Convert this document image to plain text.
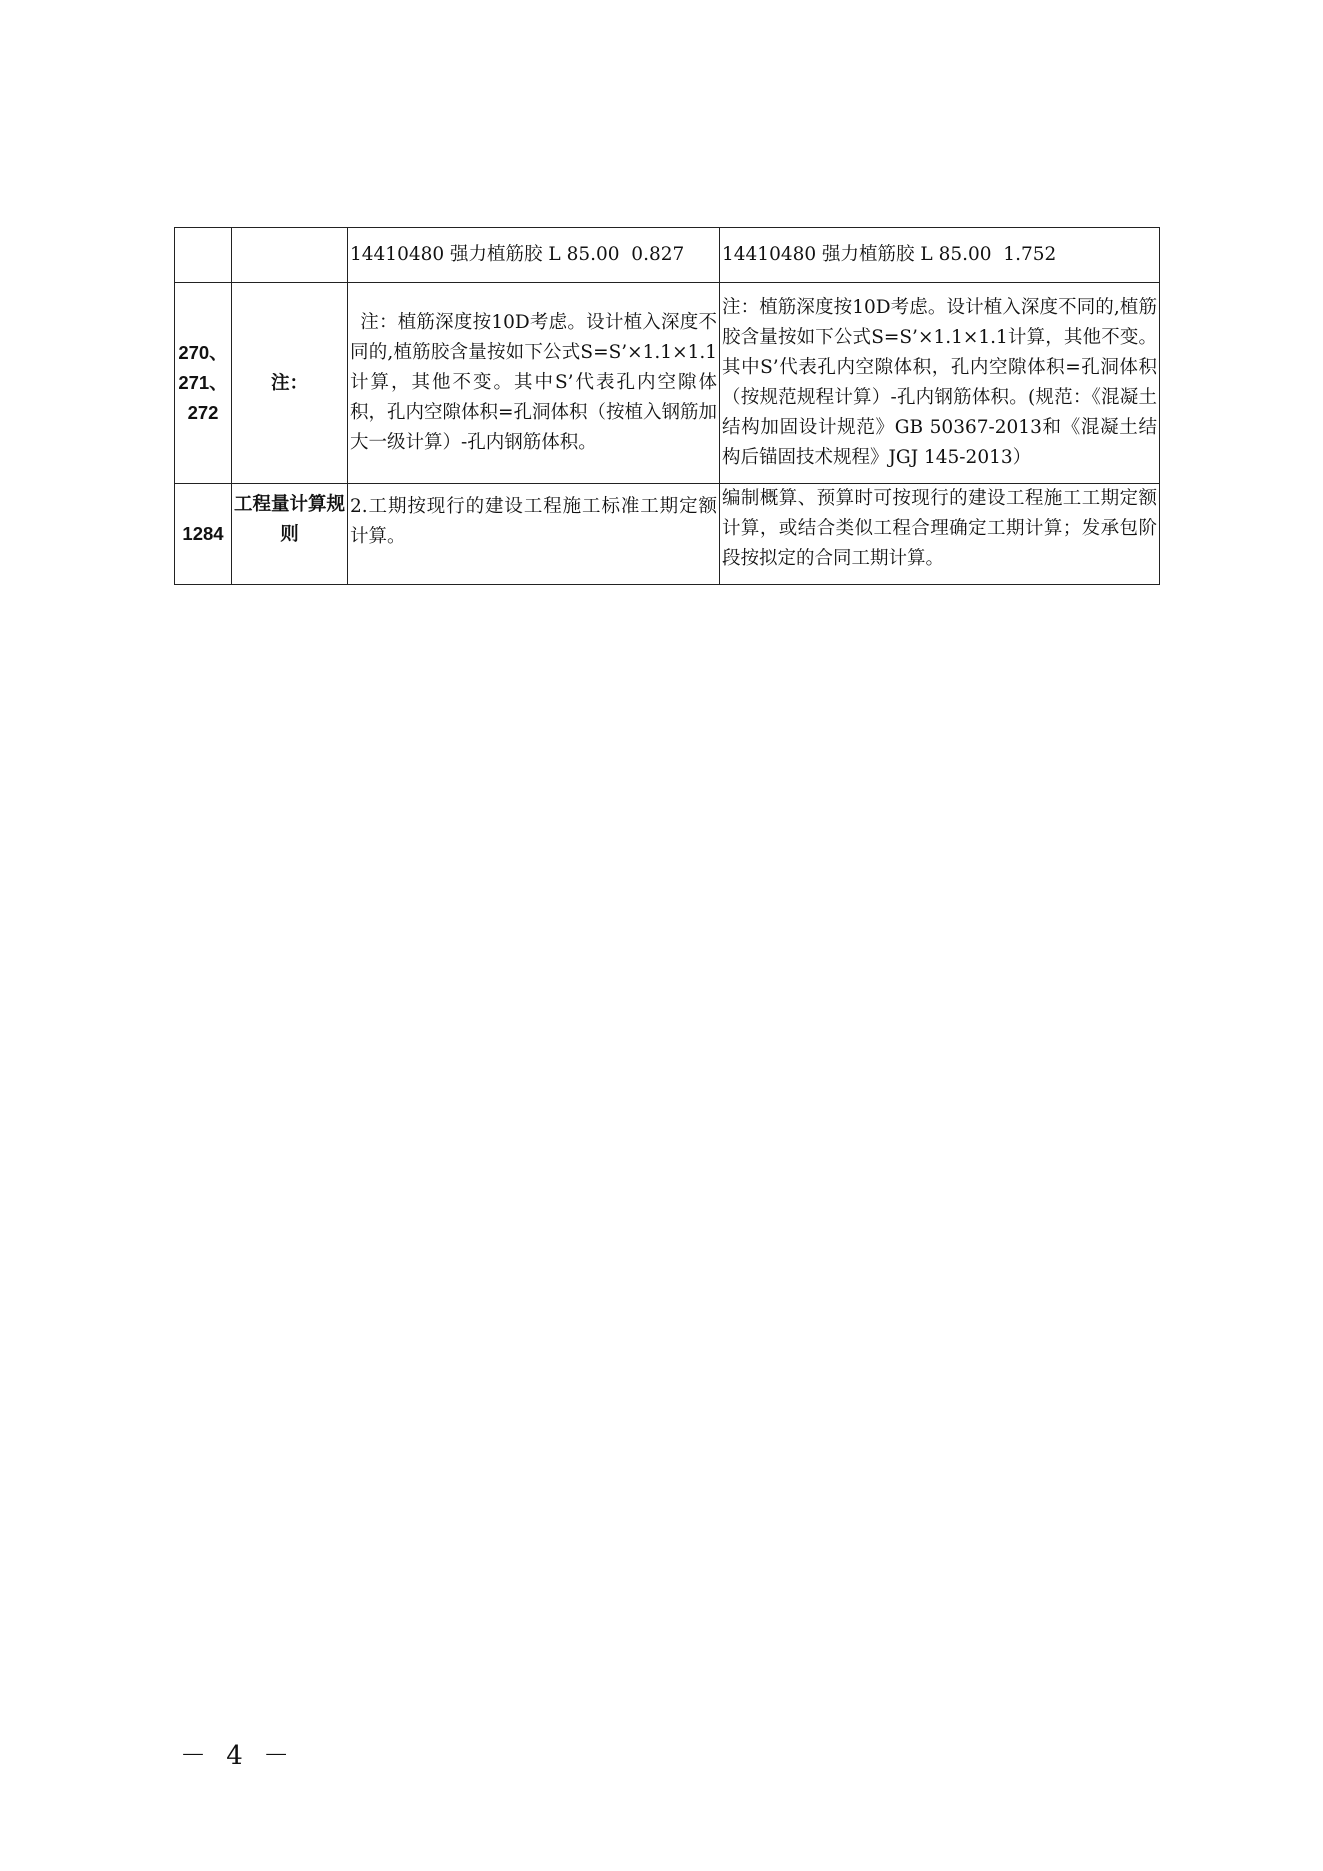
		14410480 强力植筋胶 L 85.00  0.827	14410480 强力植筋胶 L 85.00  1.752

270、
271、
272	注：	注：植筋深度按10D考虑。设计植入深度不同的,植筋胶含量按如下公式S=S’×1.1×1.1计算，其他不变。其中S’代表孔内空隙体积，孔内空隙体积=孔洞体积（按植入钢筋加大一级计算）-孔内钢筋体积。	注：植筋深度按10D考虑。设计植入深度不同的,植筋胶含量按如下公式S=S’×1.1×1.1计算，其他不变。其中S’代表孔内空隙体积，孔内空隙体积=孔洞体积（按规范规程计算）-孔内钢筋体积。(规范：《混凝土结构加固设计规范》GB 50367-2013和《混凝土结构后锚固技术规程》JGJ 145-2013）
1284	工程量计算规则	2.工期按现行的建设工程施工标准工期定额计算。	编制概算、预算时可按现行的建设工程施工工期定额计算，或结合类似工程合理确定工期计算；发承包阶段按拟定的合同工期计算。
－ 4 －
